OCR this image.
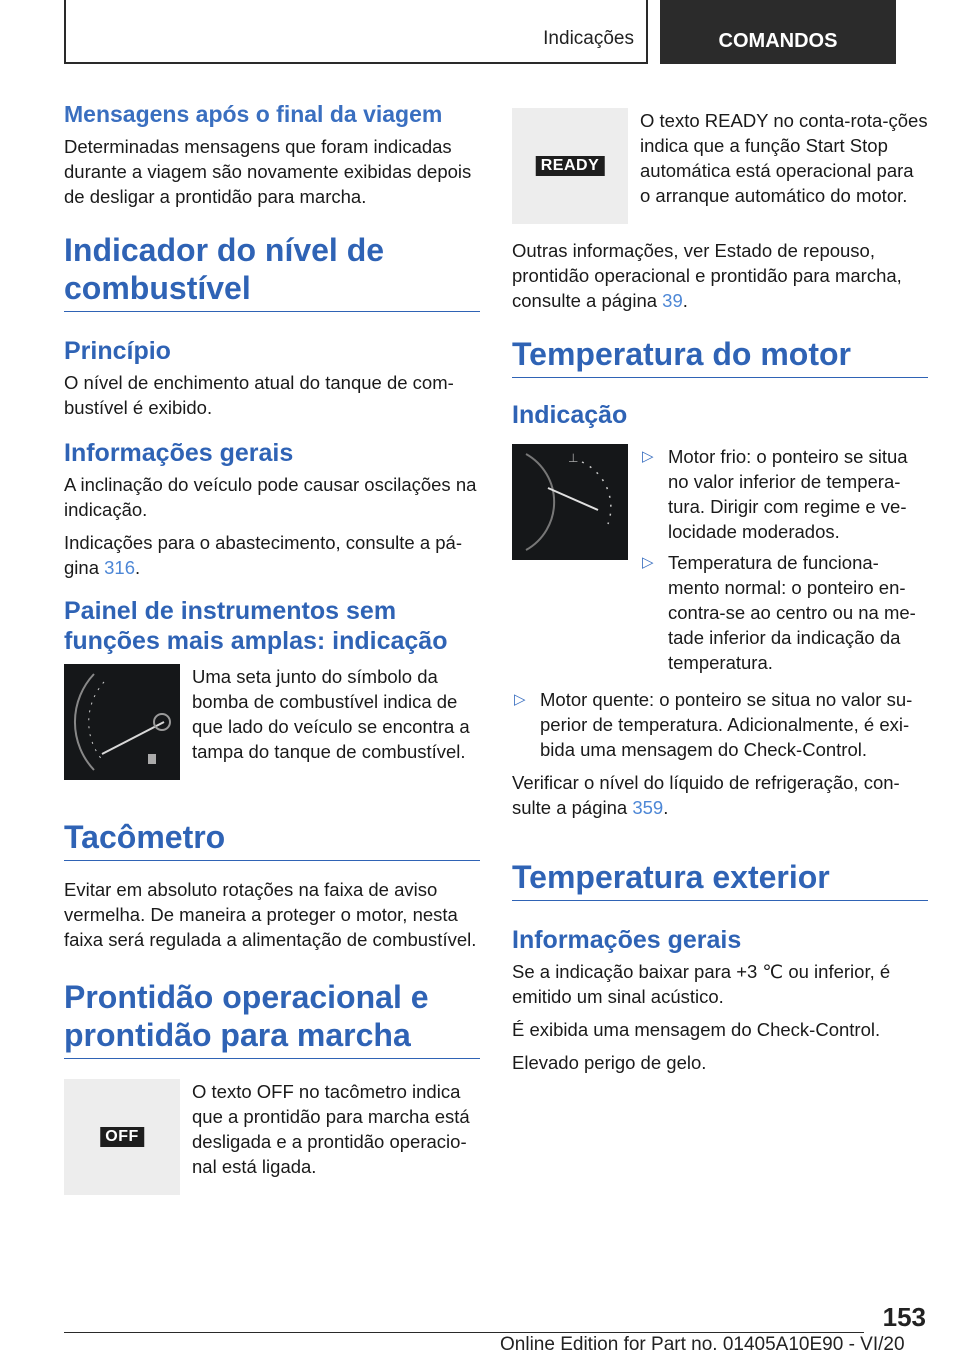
Indicações	COMANDOS
Mensagens após o final da viagem

Determinadas mensagens que foram indicadas durante a viagem são novamente exibidas depois de desligar a prontidão para marcha.

Indicador do nível de combustível
Princípio

O nível de enchimento atual do tanque de com-bustível é exibido.

Informações gerais

A inclinação do veículo pode causar oscilações na indicação.

Indicações para o abastecimento, consulte a pá-gina 316.

Painel de instrumentos sem funções mais amplas: indicação

Uma seta junto do símbolo da bomba de combustível indica de que lado do veículo se encontra a tampa do tanque de combustível.

Tacômetro

Evitar em absoluto rotações na faixa de aviso vermelha. De maneira a proteger o motor, nesta faixa será regulada a alimentação de combustível.

Prontidão operacional e prontidão para marcha
OFF

O texto OFF no tacômetro indica que a prontidão para marcha está desligada e a prontidão operacio-nal está ligada.

READY

O texto READY no conta-rota-ções indica que a função Start Stop automática está operacional para o arranque automático do motor.

Outras informações, ver Estado de repouso, prontidão operacional e prontidão para marcha, consulte a página 39.

Temperatura do motor
Indicação
⊥	▷ Motor frio: o ponteiro se situa no valor inferior de tempera-tura. Dirigir com regime e ve-locidade moderados.
▷ Temperatura de funciona-mento normal: o ponteiro en-contra-se ao centro ou na me-tade inferior da indicação da temperatura.
▷ Motor quente: o ponteiro se situa no valor su-perior de temperatura. Adicionalmente, é exi-bida uma mensagem do Check-Control.

Verificar o nível do líquido de refrigeração, con-sulte a página 359.

Temperatura exterior
Informações gerais

Se a indicação baixar para +3 ℃ ou inferior, é emitido um sinal acústico.

É exibida uma mensagem do Check-Control.

Elevado perigo de gelo.

153
Online Edition for Part no. 01405A10E90 - VI/20
